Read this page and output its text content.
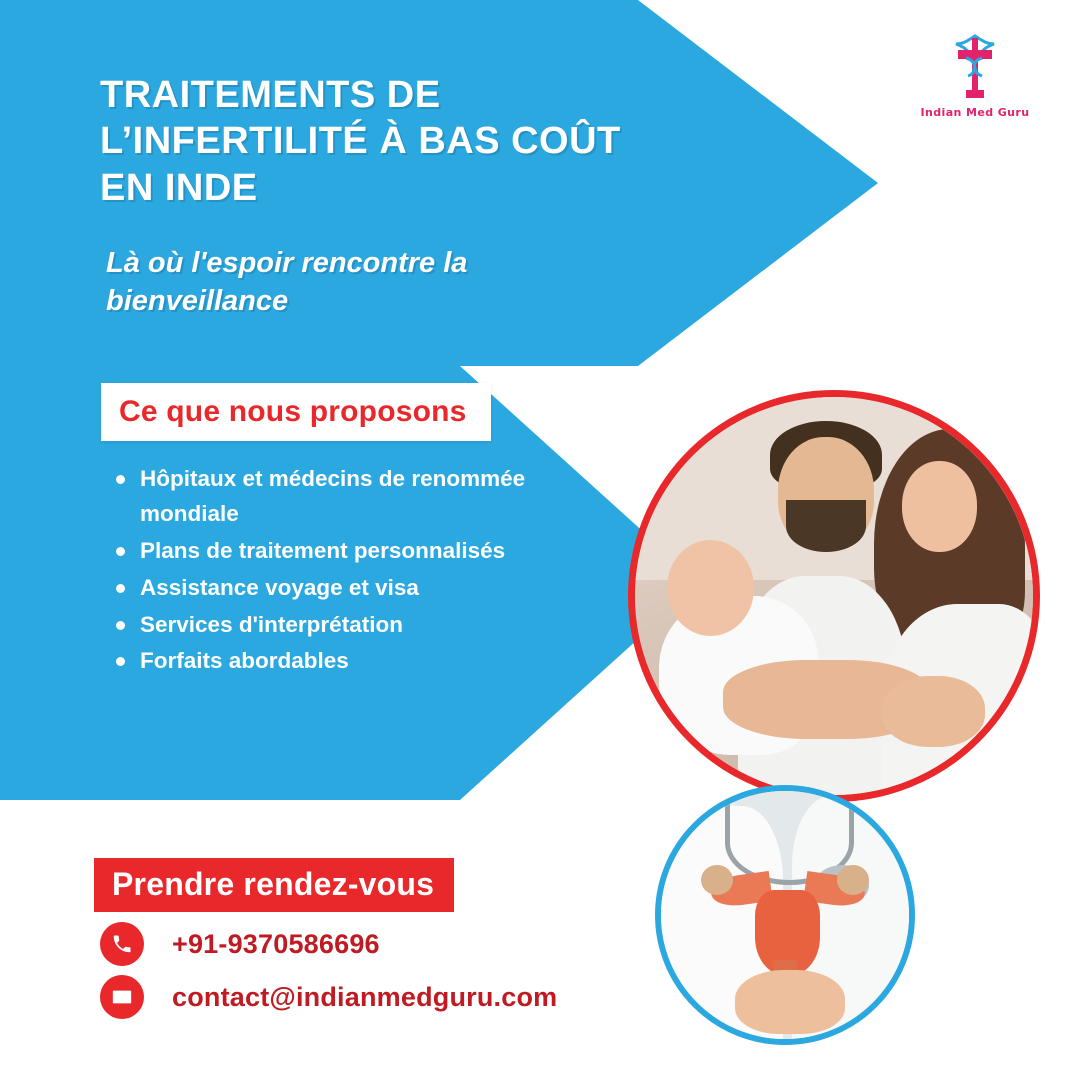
Indian Med Guru
TRAITEMENTS DE L’INFERTILITÉ À BAS COÛT EN INDE
Là où l'espoir rencontre la bienveillance
Ce que nous proposons
Hôpitaux et médecins de renommée mondiale
Plans de traitement personnalisés
Assistance voyage et visa
Services d'interprétation
Forfaits abordables
Prendre rendez-vous
+91-9370586696
contact@indianmedguru.com
